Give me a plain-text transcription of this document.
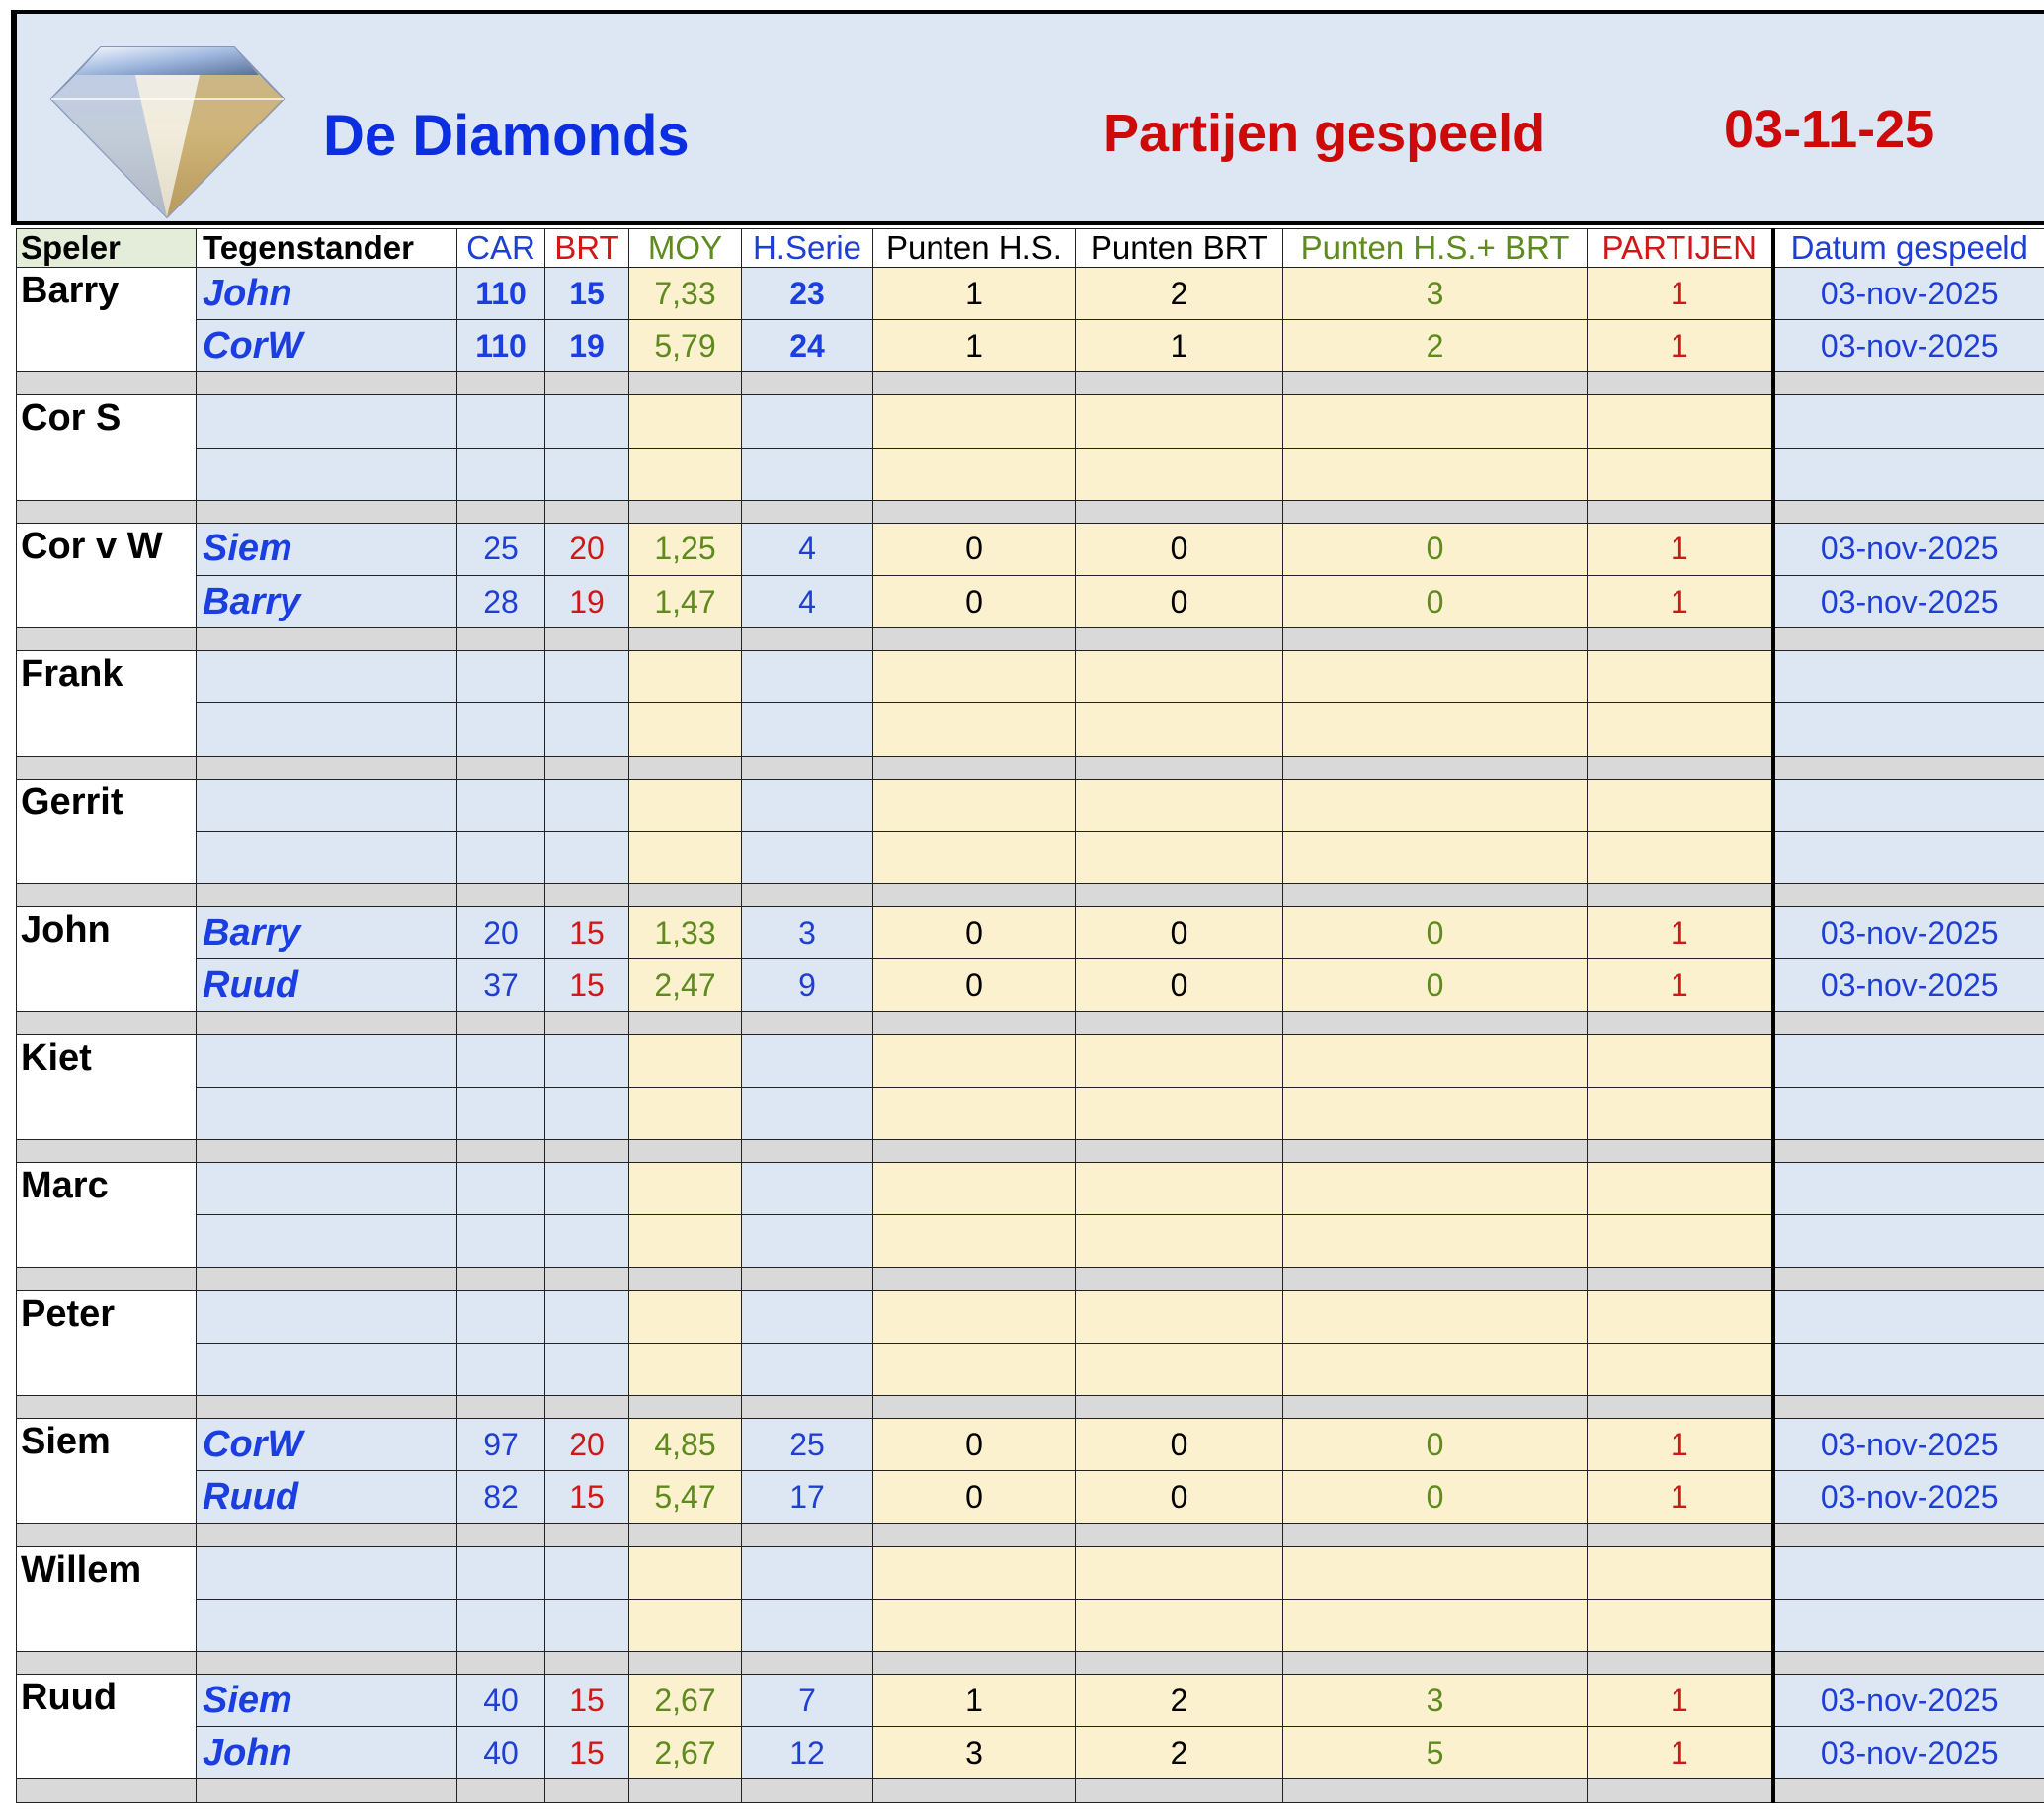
De Diamonds	Partijen gespeeld	03-11-25
Speler	Tegenstander	CAR	BRT	MOY	H.Serie	Punten H.S.	Punten BRT	Punten H.S.+ BRT	PARTIJEN	Datum gespeeld
Barry	John	110	15	7,33	23	1	2	3	1	03-nov-2025
	CorW	110	19	5,79	24	1	1	2	1	03-nov-2025

Cor S										

Cor v W	Siem	25	20	1,25	4	0	0	0	1	03-nov-2025
	Barry	28	19	1,47	4	0	0	0	1	03-nov-2025

Frank										

Gerrit										

John	Barry	20	15	1,33	3	0	0	0	1	03-nov-2025
	Ruud	37	15	2,47	9	0	0	0	1	03-nov-2025

Kiet										

Marc										

Peter										

Siem	CorW	97	20	4,85	25	0	0	0	1	03-nov-2025
	Ruud	82	15	5,47	17	0	0	0	1	03-nov-2025

Willem										

Ruud	Siem	40	15	2,67	7	1	2	3	1	03-nov-2025
	John	40	15	2,67	12	3	2	5	1	03-nov-2025
